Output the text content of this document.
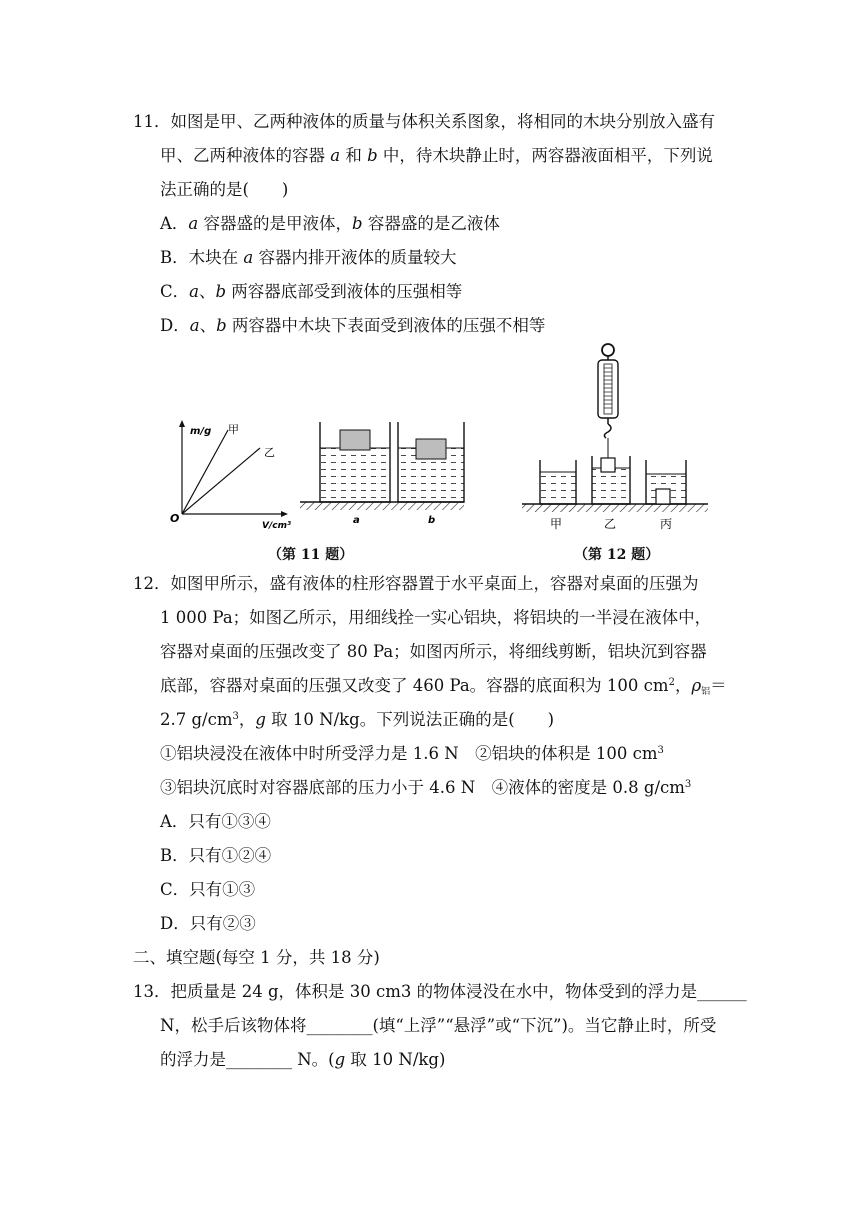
11．如图是甲、乙两种液体的质量与体积关系图象，将相同的木块分别放入盛有
甲、乙两种液体的容器 a 和 b 中，待木块静止时，两容器液面相平，下列说
法正确的是(　　)
A．a 容器盛的是甲液体，b 容器盛的是乙液体
B．木块在 a 容器内排开液体的质量较大
C．a、b 两容器底部受到液体的压强相等
D．a、b 两容器中木块下表面受到液体的压强不相等
m/g 甲
乙
O
V/cm³	a	b
（第 11 题）
甲	乙	丙
（第 12 题）
12．如图甲所示，盛有液体的柱形容器置于水平桌面上，容器对桌面的压强为
1 000 Pa；如图乙所示，用细线拴一实心铝块，将铝块的一半浸在液体中，
容器对桌面的压强改变了 80 Pa；如图丙所示，将细线剪断，铝块沉到容器
底部，容器对桌面的压强又改变了 460 Pa。容器的底面积为 100 $cm^2$，$\rho_铝=$
2.7 $g/cm^3$，g 取 10 N/kg。下列说法正确的是(　　)
①铝块浸没在液体中时所受浮力是 1.6 N　②铝块的体积是 100 $cm^3$
③铝块沉底时对容器底部的压力小于 4.6 N　④液体的密度是 0.8 $g/cm^3$
A．只有①③④
B．只有①②④
C．只有①③
D．只有②③
二、填空题(每空 1 分，共 18 分)
13．把质量是 24 g，体积是 30 cm3 的物体浸没在水中，物体受到的浮力是______
N，松手后该物体将________(填“上浮”“悬浮”或“下沉”)。当它静止时，所受
的浮力是________ N。(g 取 10 N/kg)
